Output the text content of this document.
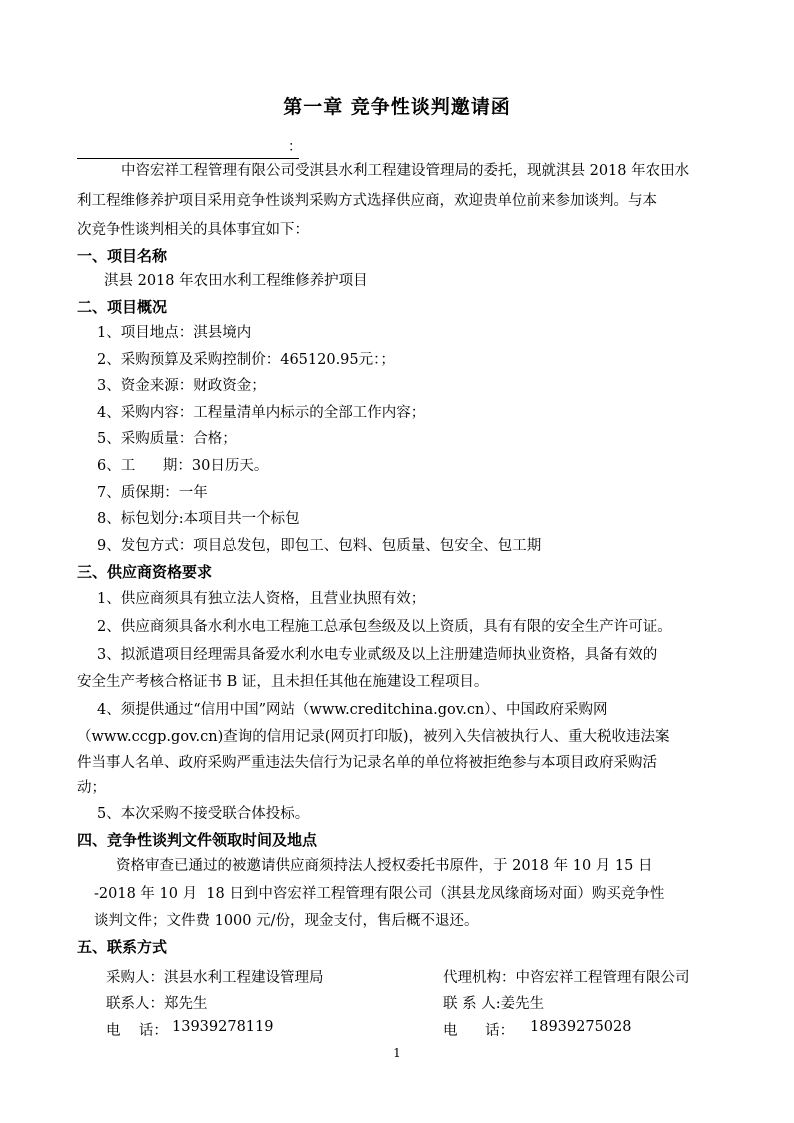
第一章 竞争性谈判邀请函
：
中咨宏祥工程管理有限公司受淇县水利工程建设管理局的委托，现就淇县 2018 年农田水
利工程维修养护项目采用竞争性谈判采购方式选择供应商，欢迎贵单位前来参加谈判。与本
次竞争性谈判相关的具体事宜如下：
一、项目名称
淇县 2018 年农田水利工程维修养护项目
二、项目概况
1、项目地点：淇县境内
2、采购预算及采购控制价：465120.95元：；
3、资金来源：财政资金；
4、采购内容：工程量清单内标示的全部工作内容；
5、采购质量：合格；
6、工      期：30日历天。
7、质保期：一年
8、标包划分:本项目共一个标包
9、发包方式：项目总发包，即包工、包料、包质量、包安全、包工期
三、供应商资格要求
1、供应商须具有独立法人资格，且营业执照有效；
2、供应商须具备水利水电工程施工总承包叁级及以上资质，具有有限的安全生产许可证。
3、拟派遣项目经理需具备爱水利水电专业贰级及以上注册建造师执业资格，具备有效的
安全生产考核合格证书 B 证，且未担任其他在施建设工程项目。
4、须提供通过“信用中国”网站（www.creditchina.gov.cn）、中国政府采购网
（www.ccgp.gov.cn)查询的信用记录(网页打印版)，被列入失信被执行人、重大税收违法案
件当事人名单、政府采购严重违法失信行为记录名单的单位将被拒绝参与本项目政府采购活
动；
5、本次采购不接受联合体投标。
四、竞争性谈判文件领取时间及地点
资格审查已通过的被邀请供应商须持法人授权委托书原件，于 2018 年 10 月 15 日
-2018 年 10 月  18 日到中咨宏祥工程管理有限公司（淇县龙凤缘商场对面）购买竞争性
谈判文件；文件费 1000 元/份，现金支付，售后概不退还。
五、联系方式
采购人：淇县水利工程建设管理局	代理机构：中咨宏祥工程管理有限公司
联系人：郑先生	联 系 人:姜先生
电    话： 13939278119	电      话： 18939275028
1
